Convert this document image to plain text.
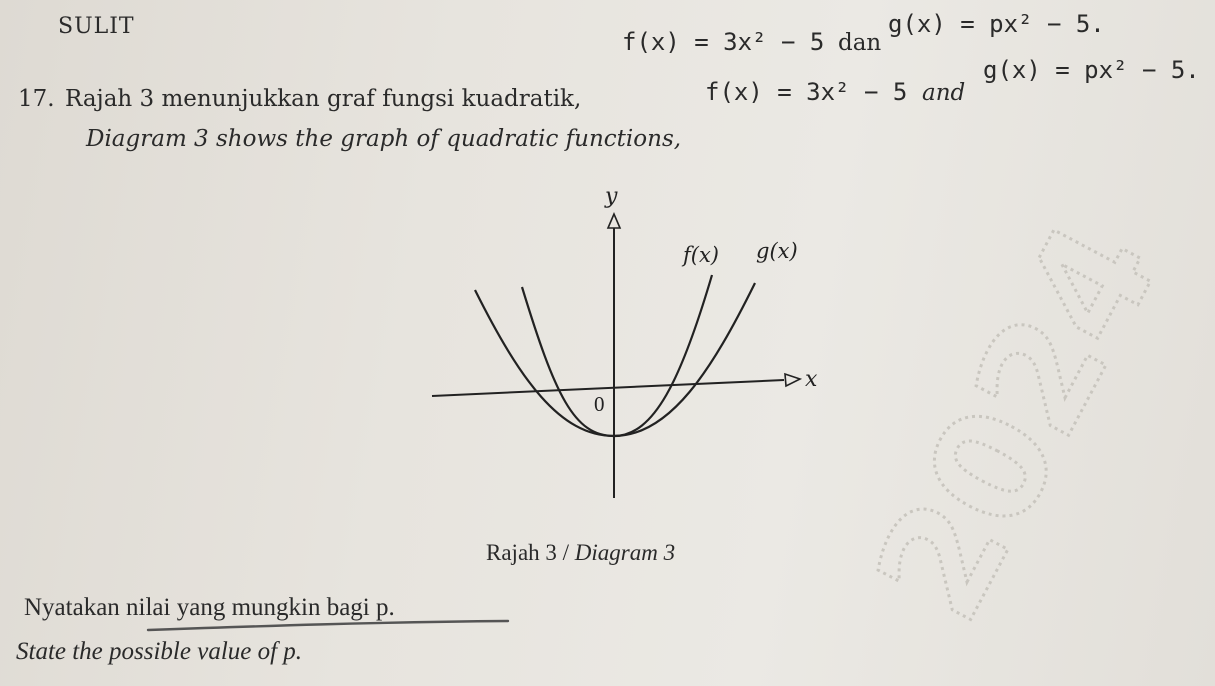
SULIT
17. Rajah 3 menunjukkan graf fungsi kuadratik,
Diagram 3 shows the graph of quadratic functions,
f(x) = 3x² − 5 dan
g(x) = px² − 5.
f(x) = 3x² − 5 and
g(x) = px² − 5.
y
x
0
f(x) g(x)
Rajah 3 / Diagram 3
Nyatakan nilai yang mungkin bagi p.
State the possible value of p.
2024
